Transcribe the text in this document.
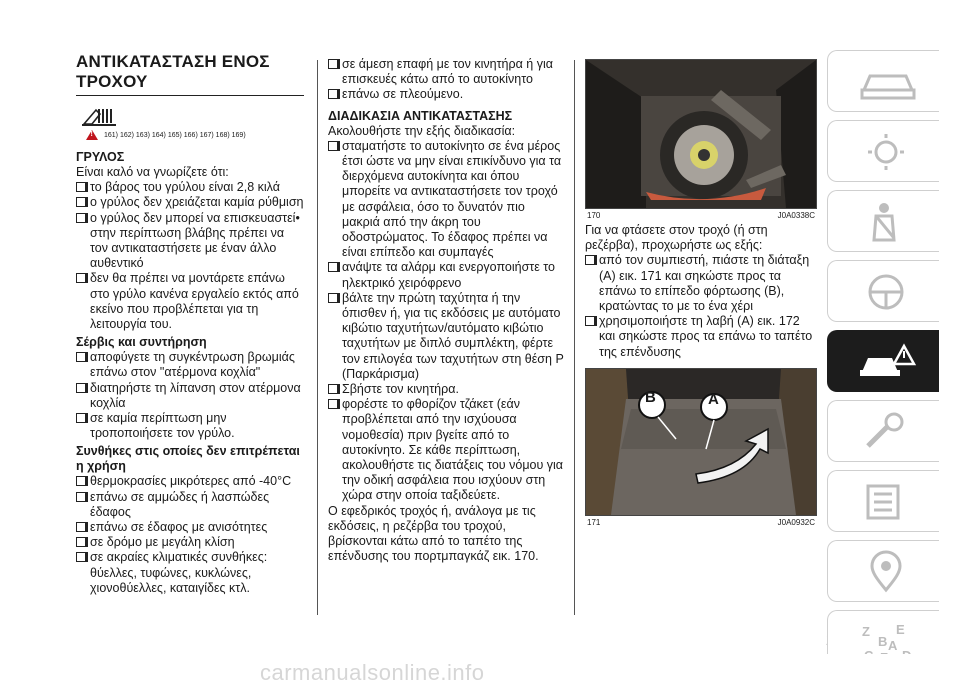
ΑΝΤΙΚΑΤΑΣΤΑΣΗ ΕΝΟΣ
ΤΡΟΧΟΥ
! 161) 162) 163) 164) 165) 166) 167) 168) 169)
ΓΡΥΛΟΣ

Είναι καλό να γνωρίζετε ότι:

το βάρος του γρύλου είναι 2,8 κιλά
ο γρύλος δεν χρειάζεται καμία ρύθμιση
ο γρύλος δεν μπορεί να επισκευαστεί• στην περίπτωση βλάβης πρέπει να τον αντικαταστήσετε με έναν άλλο αυθεντικό
δεν θα πρέπει να μοντάρετε επάνω στο γρύλο κανένα εργαλείο εκτός από εκείνο που προβλέπεται για τη λειτουργία του.
Σέρβις και συντήρηση
αποφύγετε τη συγκέντρωση βρωμιάς επάνω στον "ατέρμονα κοχλία"
διατηρήστε τη λίπανση στον ατέρμονα κοχλία
σε καμία περίπτωση μην τροποποιήσετε τον γρύλο.
Συνθήκες στις οποίες δεν επιτρέπεται η χρήση
θερμοκρασίες μικρότερες από -40°C
επάνω σε αμμώδες ή λασπώδες έδαφος
επάνω σε έδαφος με ανισότητες
σε δρόμο με μεγάλη κλίση
σε ακραίες κλιματικές συνθήκες: θύελλες, τυφώνες, κυκλώνες, χιονοθύελλες, καταιγίδες κτλ.
σε άμεση επαφή με τον κινητήρα ή για επισκευές κάτω από το αυτοκίνητο
επάνω σε πλεούμενο.
ΔΙΑΔΙΚΑΣΙΑ ΑΝΤΙΚΑΤΑΣΤΑΣΗΣ

Ακολουθήστε την εξής διαδικασία:

σταματήστε το αυτοκίνητο σε ένα μέρος έτσι ώστε να μην είναι επικίνδυνο για τα διερχόμενα αυτοκίνητα και όπου μπορείτε να αντικαταστήσετε τον τροχό με ασφάλεια, όσο το δυνατόν πιο μακριά από την άκρη του οδοστρώματος. Το έδαφος πρέπει να είναι επίπεδο και συμπαγές
ανάψτε τα αλάρμ και ενεργοποιήστε το ηλεκτρικό χειρόφρενο
βάλτε την πρώτη ταχύτητα ή την όπισθεν ή, για τις εκδόσεις με αυτόματο κιβώτιο ταχυτήτων/αυτόματο κιβώτιο ταχυτήτων με διπλό συμπλέκτη, φέρτε τον επιλογέα των ταχυτήτων στη θέση P (Παρκάρισμα)
Σβήστε τον κινητήρα.
φορέστε το φθορίζον τζάκετ (εάν προβλέπεται από την ισχύουσα νομοθεσία) πριν βγείτε από το αυτοκίνητο. Σε κάθε περίπτωση, ακολουθήστε τις διατάξεις του νόμου για την οδική ασφάλεια που ισχύουν στη χώρα στην οποία ταξιδεύετε.

Ο εφεδρικός τροχός ή, ανάλογα με τις εκδόσεις, η ρεζέρβα του τροχού, βρίσκονται κάτω από το ταπέτο της επένδυσης του πορτμπαγκάζ εικ. 170.

170	J0A0338C

Για να φτάσετε στον τροχό (ή στη ρεζέρβα), προχωρήστε ως εξής:

από τον συμπιεστή, πιάστε τη διάταξη (A) εικ. 171 και σηκώστε προς τα επάνω το επίπεδο φόρτωσης (B), κρατώντας το με το ένα χέρι
χρησιμοποιήστε τη λαβή (A) εικ. 172 και σηκώστε προς τα επάνω το ταπέτο της επένδυσης
B	A
171	J0A0932C
Z
B
E
A
carmanualsonline.info
